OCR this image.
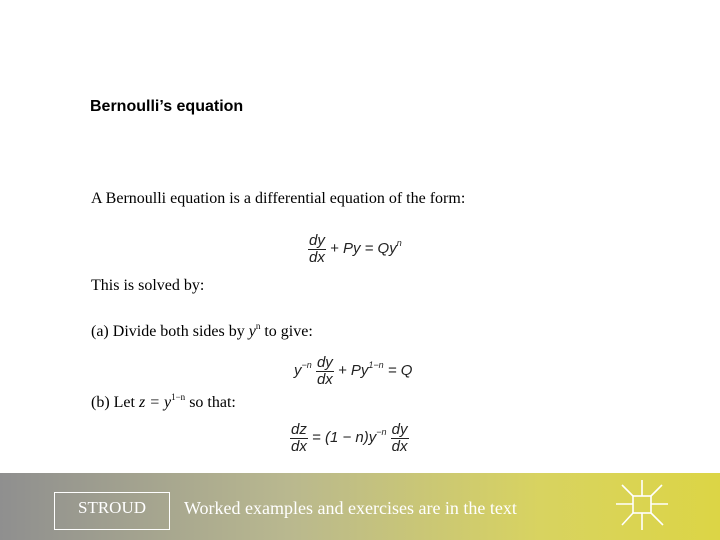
Bernoulli’s equation
A Bernoulli equation is a differential equation of the form:
$\frac{dy}{dx} + Py = Qy^n$
This is solved by:
(a) Divide both sides by $y^n$ to give:
$y^{-n} \frac{dy}{dx} + Py^{1-n} = Q$
(b) Let $z = y^{1-n}$ so that:
$\frac{dz}{dx} = (1 - n)y^{-n} \frac{dy}{dx}$
STROUD	Worked examples and exercises are in the text
